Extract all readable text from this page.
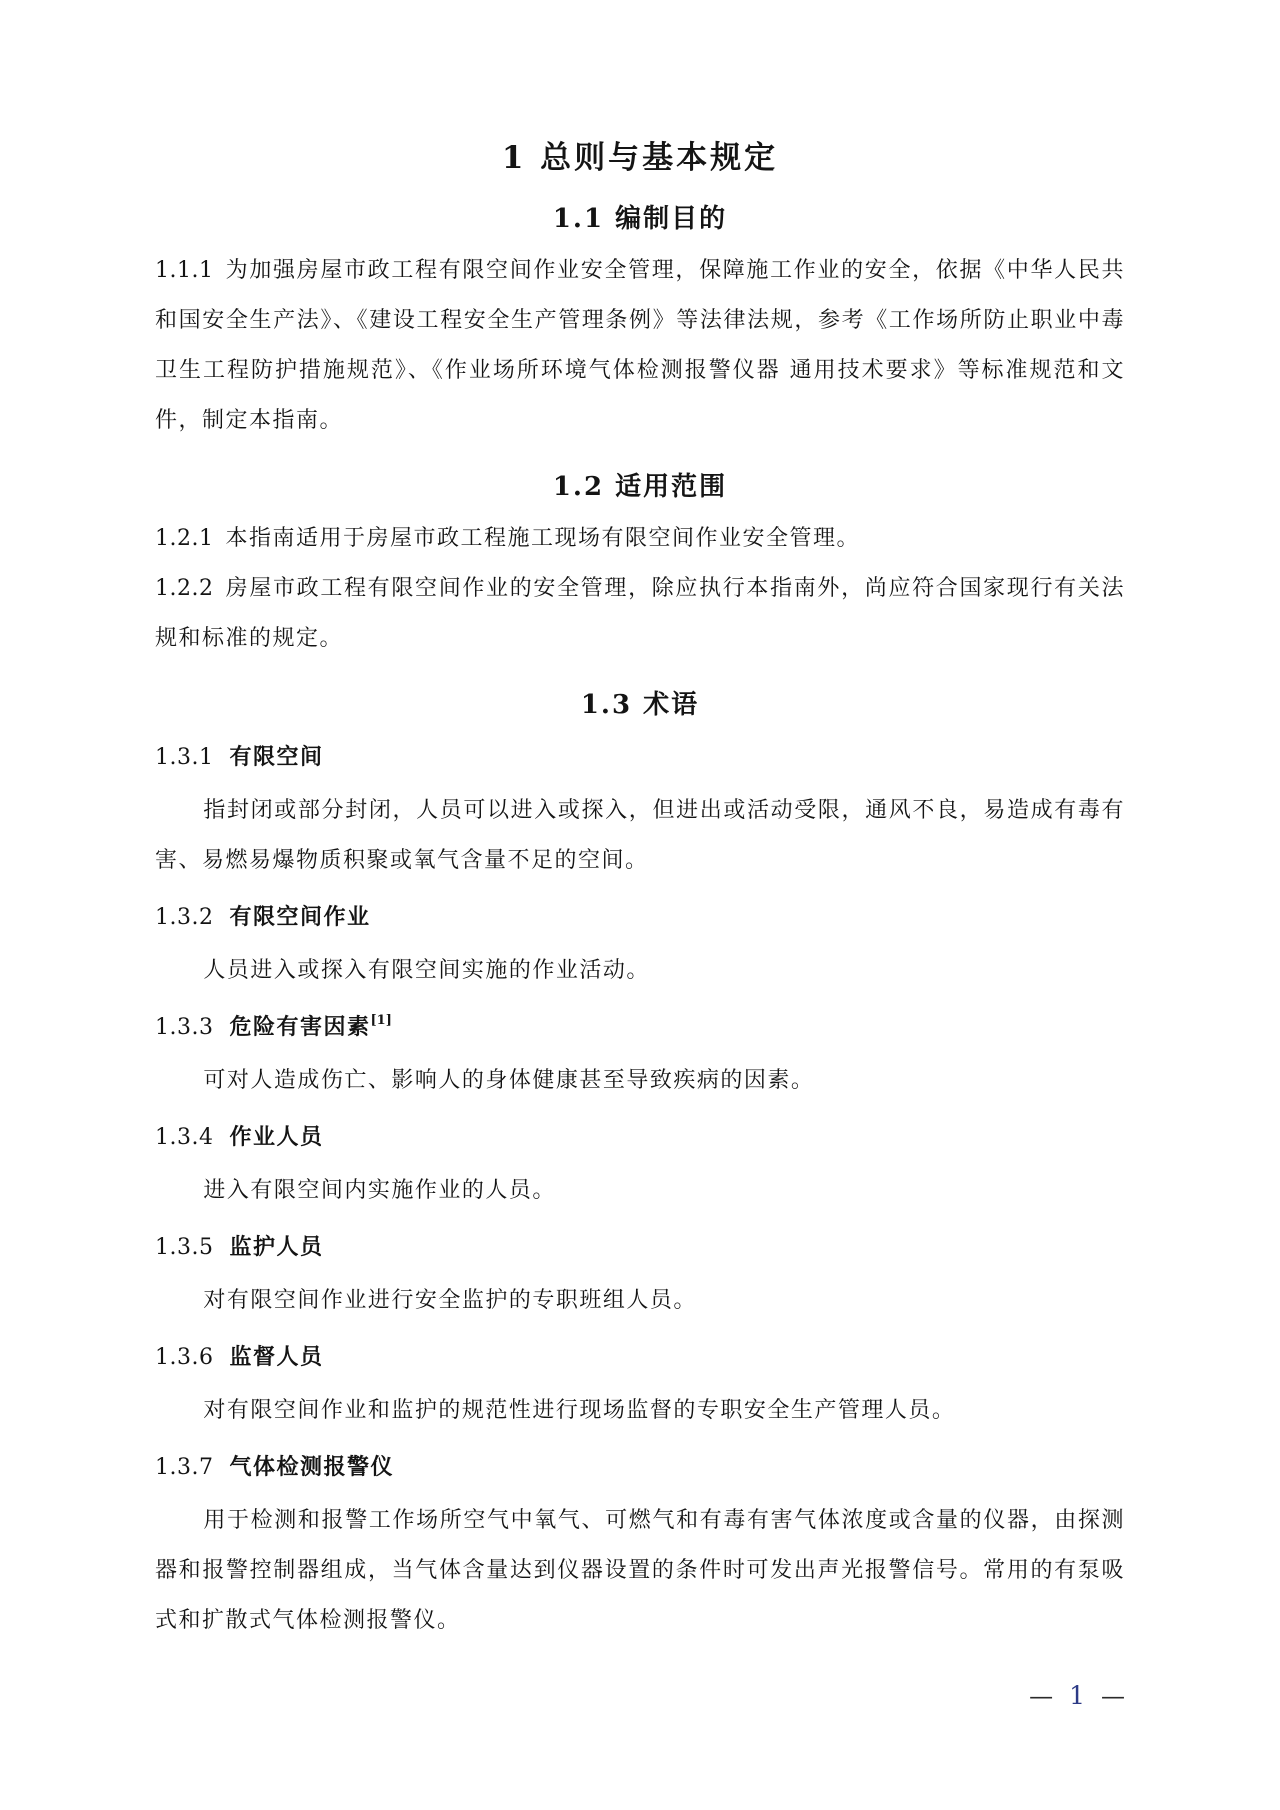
1 总则与基本规定
1.1 编制目的

1.1.1 为加强房屋市政工程有限空间作业安全管理，保障施工作业的安全，依据《中华人民共和国安全生产法》、《建设工程安全生产管理条例》等法律法规，参考《工作场所防止职业中毒 卫生工程防护措施规范》、《作业场所环境气体检测报警仪器 通用技术要求》等标准规范和文件，制定本指南。

1.2 适用范围

1.2.1 本指南适用于房屋市政工程施工现场有限空间作业安全管理。

1.2.2 房屋市政工程有限空间作业的安全管理，除应执行本指南外，尚应符合国家现行有关法规和标准的规定。

1.3 术语

1.3.1 有限空间

指封闭或部分封闭，人员可以进入或探入，但进出或活动受限，通风不良，易造成有毒有害、易燃易爆物质积聚或氧气含量不足的空间。

1.3.2 有限空间作业

人员进入或探入有限空间实施的作业活动。

1.3.3 危险有害因素[1]

可对人造成伤亡、影响人的身体健康甚至导致疾病的因素。

1.3.4 作业人员

进入有限空间内实施作业的人员。

1.3.5 监护人员

对有限空间作业进行安全监护的专职班组人员。

1.3.6 监督人员

对有限空间作业和监护的规范性进行现场监督的专职安全生产管理人员。

1.3.7 气体检测报警仪

用于检测和报警工作场所空气中氧气、可燃气和有毒有害气体浓度或含量的仪器，由探测器和报警控制器组成，当气体含量达到仪器设置的条件时可发出声光报警信号。常用的有泵吸式和扩散式气体检测报警仪。

— 1 —
